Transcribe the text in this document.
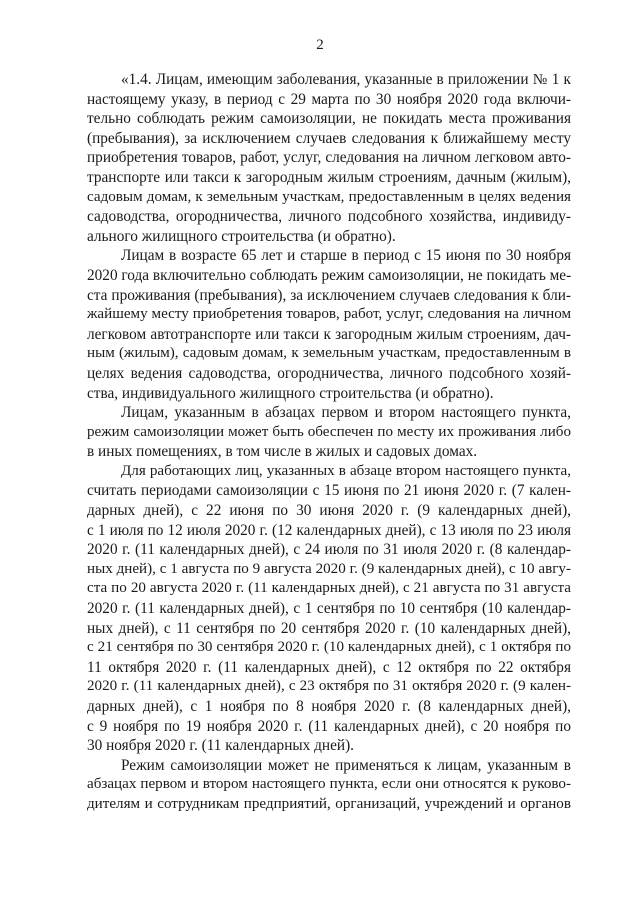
2
«1.4. Лицам, имеющим заболевания, указанные в приложении № 1 к
настоящему указу, в период с 29 марта по 30 ноября 2020 года включи-
тельно соблюдать режим самоизоляции, не покидать места проживания
(пребывания), за исключением случаев следования к ближайшему месту
приобретения товаров, работ, услуг, следования на личном легковом авто-
транспорте или такси к загородным жилым строениям, дачным (жилым),
садовым домам, к земельным участкам, предоставленным в целях ведения
садоводства, огородничества, личного подсобного хозяйства, индивиду-
ального жилищного строительства (и обратно).
Лицам в возрасте 65 лет и старше в период с 15 июня по 30 ноября
2020 года включительно соблюдать режим самоизоляции, не покидать ме-
ста проживания (пребывания), за исключением случаев следования к бли-
жайшему месту приобретения товаров, работ, услуг, следования на личном
легковом автотранспорте или такси к загородным жилым строениям, дач-
ным (жилым), садовым домам, к земельным участкам, предоставленным в
целях ведения садоводства, огородничества, личного подсобного хозяй-
ства, индивидуального жилищного строительства (и обратно).
Лицам, указанным в абзацах первом и втором настоящего пункта,
режим самоизоляции может быть обеспечен по месту их проживания либо
в иных помещениях, в том числе в жилых и садовых домах.
Для работающих лиц, указанных в абзаце втором настоящего пункта,
считать периодами самоизоляции с 15 июня по 21 июня 2020 г. (7 кален-
дарных дней), с 22 июня по 30 июня 2020 г. (9 календарных дней),
с 1 июля по 12 июля 2020 г. (12 календарных дней), с 13 июля по 23 июля
2020 г. (11 календарных дней), с 24 июля по 31 июля 2020 г. (8 календар-
ных дней), с 1 августа по 9 августа 2020 г. (9 календарных дней), с 10 авгу-
ста по 20 августа 2020 г. (11 календарных дней), с 21 августа по 31 августа
2020 г. (11 календарных дней), с 1 сентября по 10 сентября (10 календар-
ных дней), с 11 сентября по 20 сентября 2020 г. (10 календарных дней),
с 21 сентября по 30 сентября 2020 г. (10 календарных дней), с 1 октября по
11 октября 2020 г. (11 календарных дней), с 12 октября по 22 октября
2020 г. (11 календарных дней), с 23 октября по 31 октября 2020 г. (9 кален-
дарных дней), с 1 ноября по 8 ноября 2020 г. (8 календарных дней),
с 9 ноября по 19 ноября 2020 г. (11 календарных дней), с 20 ноября по
30 ноября 2020 г. (11 календарных дней).
Режим самоизоляции может не применяться к лицам, указанным в
абзацах первом и втором настоящего пункта, если они относятся к руково-
дителям и сотрудникам предприятий, организаций, учреждений и органов
